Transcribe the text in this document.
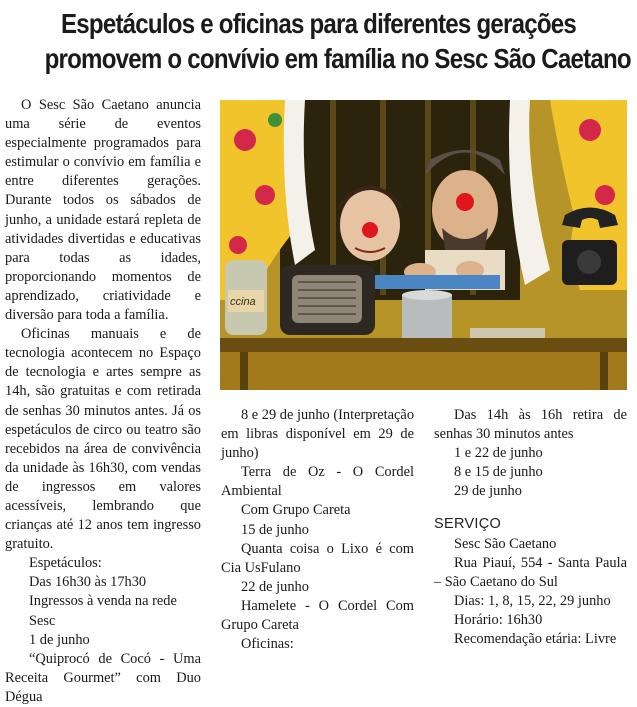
Espetáculos e oficinas para diferentes gerações
promovem o convívio em família no Sesc São Caetano

O Sesc São Caetano anuncia uma série de eventos especialmente programados para estimular o convívio em família e entre diferentes gerações. Durante todos os sábados de junho, a unidade estará repleta de atividades divertidas e educativas para todas as idades, proporcionando momentos de aprendizado, criatividade e diversão para toda a família.

Oficinas manuais e de tecnologia acontecem no Espaço de tecnologia e artes sempre as 14h, são gratuitas e com retirada de senhas 30 minutos antes. Já os espetáculos de circo ou teatro são recebidos na área de convivência da unidade às 16h30, com vendas de ingressos em valores acessíveis, lembrando que crianças até 12 anos tem ingresso gratuito.

Espetáculos:

Das 16h30 às 17h30

Ingressos à venda na rede Sesc

1 de junho

“Quiprocó de Cocó - Uma Receita Gourmet” com Duo Dégua

ccina

8 e 29 de junho (Interpretação em libras disponível em 29 de junho)

Terra de Oz - O Cordel Ambiental

Com Grupo Careta

15 de junho

Quanta coisa o Lixo é com Cia UsFulano

22 de junho

Hamelete - O Cordel Com Grupo Careta

Oficinas:

Das 14h às 16h retira de senhas 30 minutos antes

1 e 22 de junho

8 e 15 de junho

29 de junho

SERVIÇO

Sesc São Caetano

Rua Piauí, 554 - Santa Paula – São Caetano do Sul

Dias: 1, 8, 15, 22, 29 junho

Horário: 16h30

Recomendação etária: Livre
